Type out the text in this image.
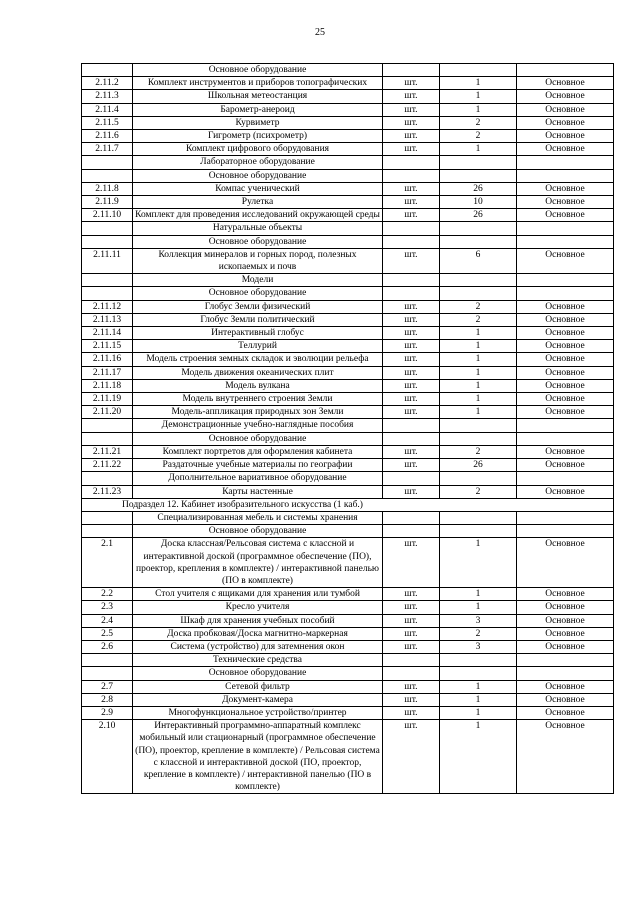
25
	Основное оборудование			
2.11.2	Комплект инструментов и приборов топографических	шт.	1	Основное
2.11.3	Школьная метеостанция	шт.	1	Основное
2.11.4	Барометр-анероид	шт.	1	Основное
2.11.5	Курвиметр	шт.	2	Основное
2.11.6	Гигрометр (психрометр)	шт.	2	Основное
2.11.7	Комплект цифрового оборудования	шт.	1	Основное
	Лабораторное оборудование			
	Основное оборудование			
2.11.8	Компас ученический	шт.	26	Основное
2.11.9	Рулетка	шт.	10	Основное
2.11.10	Комплект для проведения исследований окружающей среды	шт.	26	Основное
	Натуральные объекты			
	Основное оборудование			
2.11.11	Коллекция минералов и горных пород, полезных ископаемых и почв	шт.	6	Основное
	Модели			
	Основное оборудование			
2.11.12	Глобус Земли физический	шт.	2	Основное
2.11.13	Глобус Земли политический	шт.	2	Основное
2.11.14	Интерактивный глобус	шт.	1	Основное
2.11.15	Теллурий	шт.	1	Основное
2.11.16	Модель строения земных складок и эволюции рельефа	шт.	1	Основное
2.11.17	Модель движения океанических плит	шт.	1	Основное
2.11.18	Модель вулкана	шт.	1	Основное
2.11.19	Модель внутреннего строения Земли	шт.	1	Основное
2.11.20	Модель-аппликация природных зон Земли	шт.	1	Основное
	Демонстрационные учебно-наглядные пособия			
	Основное оборудование			
2.11.21	Комплект портретов для оформления кабинета	шт.	2	Основное
2.11.22	Раздаточные учебные материалы по географии	шт.	26	Основное
	Дополнительное вариативное оборудование			
2.11.23	Карты настенные	шт.	2	Основное
Подраздел 12. Кабинет изобразительного искусства (1 каб.)				
	Специализированная мебель и системы хранения			
	Основное оборудование			
2.1	Доска классная/Рельсовая система с классной и интерактивной доской (программное обеспечение (ПО), проектор, крепления в комплекте) / интерактивной панелью (ПО в комплекте)	шт.	1	Основное
2.2	Стол учителя с ящиками для хранения или тумбой	шт.	1	Основное
2.3	Кресло учителя	шт.	1	Основное
2.4	Шкаф для хранения учебных пособий	шт.	3	Основное
2.5	Доска пробковая/Доска магнитно-маркерная	шт.	2	Основное
2.6	Система (устройство) для затемнения окон	шт.	3	Основное
	Технические средства			
	Основное оборудование			
2.7	Сетевой фильтр	шт.	1	Основное
2.8	Документ-камера	шт.	1	Основное
2.9	Многофункциональное устройство/принтер	шт.	1	Основное
2.10	Интерактивный программно-аппаратный комплекс мобильный или стационарный (программное обеспечение (ПО), проектор, крепление в комплекте) / Рельсовая система с классной и интерактивной доской (ПО, проектор, крепление в комплекте) / интерактивной панелью (ПО в комплекте)	шт.	1	Основное
